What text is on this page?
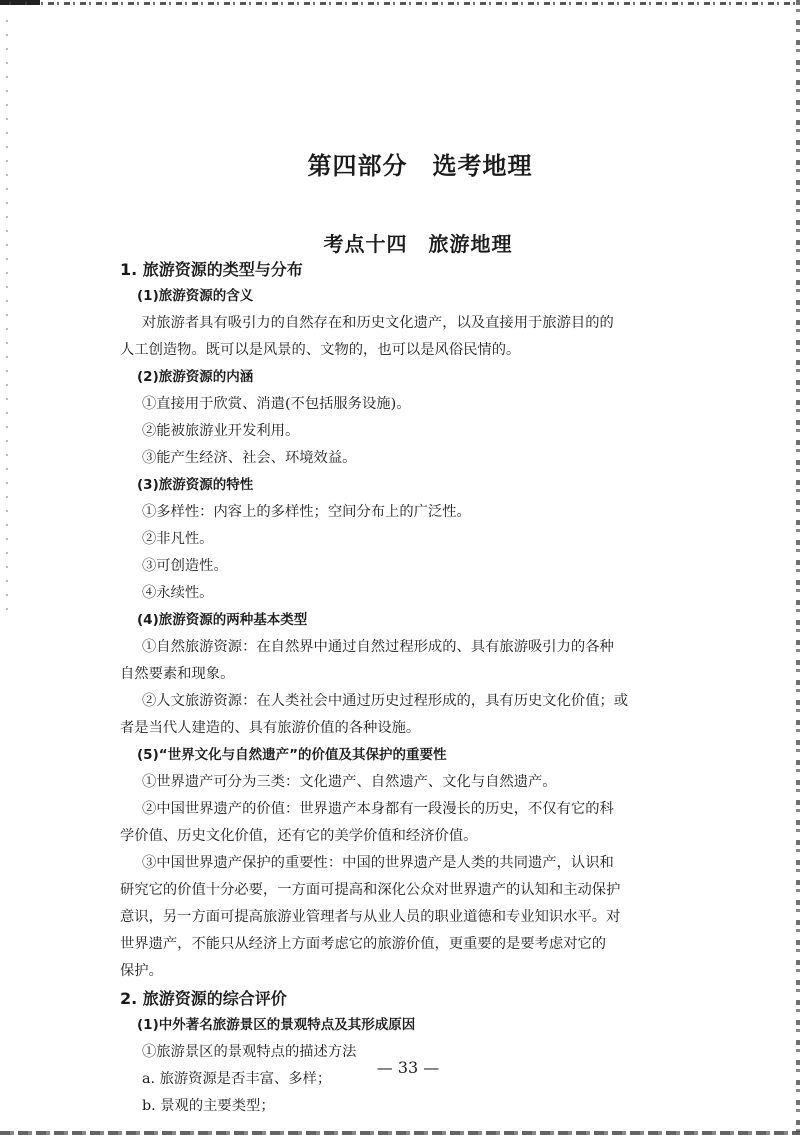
第四部分　选考地理
考点十四　旅游地理

1. 旅游资源的类型与分布

(1)旅游资源的含义

对旅游者具有吸引力的自然存在和历史文化遗产，以及直接用于旅游目的的

人工创造物。既可以是风景的、文物的，也可以是风俗民情的。

(2)旅游资源的内涵

①直接用于欣赏、消遣(不包括服务设施)。

②能被旅游业开发利用。

③能产生经济、社会、环境效益。

(3)旅游资源的特性

①多样性：内容上的多样性；空间分布上的广泛性。

②非凡性。

③可创造性。

④永续性。

(4)旅游资源的两种基本类型

①自然旅游资源：在自然界中通过自然过程形成的、具有旅游吸引力的各种

自然要素和现象。

②人文旅游资源：在人类社会中通过历史过程形成的，具有历史文化价值；或

者是当代人建造的、具有旅游价值的各种设施。

(5)“世界文化与自然遗产”的价值及其保护的重要性

①世界遗产可分为三类：文化遗产、自然遗产、文化与自然遗产。

②中国世界遗产的价值：世界遗产本身都有一段漫长的历史，不仅有它的科

学价值、历史文化价值，还有它的美学价值和经济价值。

③中国世界遗产保护的重要性：中国的世界遗产是人类的共同遗产，认识和

研究它的价值十分必要，一方面可提高和深化公众对世界遗产的认知和主动保护

意识，另一方面可提高旅游业管理者与从业人员的职业道德和专业知识水平。对

世界遗产，不能只从经济上方面考虑它的旅游价值，更重要的是要考虑对它的

保护。

2. 旅游资源的综合评价

(1)中外著名旅游景区的景观特点及其形成原因

①旅游景区的景观特点的描述方法

a. 旅游资源是否丰富、多样；

b. 景观的主要类型；

— 33 —
